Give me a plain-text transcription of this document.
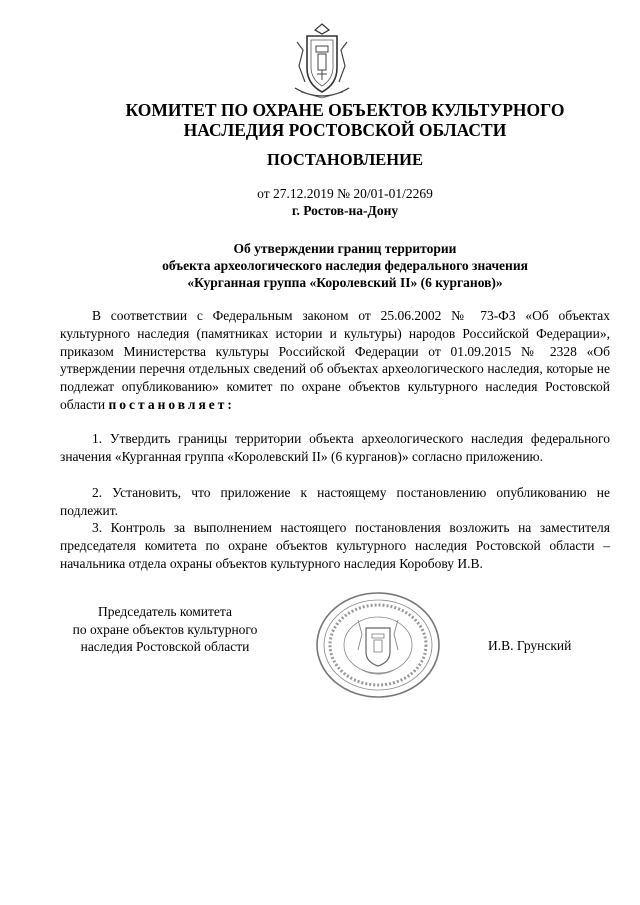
КОМИТЕТ ПО ОХРАНЕ ОБЪЕКТОВ КУЛЬТУРНОГО
НАСЛЕДИЯ РОСТОВСКОЙ ОБЛАСТИ
ПОСТАНОВЛЕНИЕ
от 27.12.2019 № 20/01-01/2269
г. Ростов-на-Дону
Об утверждении границ территории
объекта археологического наследия федерального значения
«Курганная группа «Королевский II» (6 курганов)»

В соответствии с Федеральным законом от 25.06.2002 № 73-ФЗ «Об объектах культурного наследия (памятниках истории и культуры) народов Российской Федерации», приказом Министерства культуры Российской Федерации от 01.09.2015 № 2328 «Об утверждении перечня отдельных сведений об объектах археологического наследия, которые не подлежат опубликованию» комитет по охране объектов культурного наследия Ростовской области постановляет:

1. Утвердить границы территории объекта археологического наследия федерального значения «Курганная группа «Королевский II» (6 курганов)» согласно приложению.

2. Установить, что приложение к настоящему постановлению опубликованию не подлежит.

3. Контроль за выполнением настоящего постановления возложить на заместителя председателя комитета по охране объектов культурного наследия Ростовской области – начальника отдела охраны объектов культурного наследия Коробову И.В.

Председатель комитета
по охране объектов культурного
наследия Ростовской области	И.В. Грунский
